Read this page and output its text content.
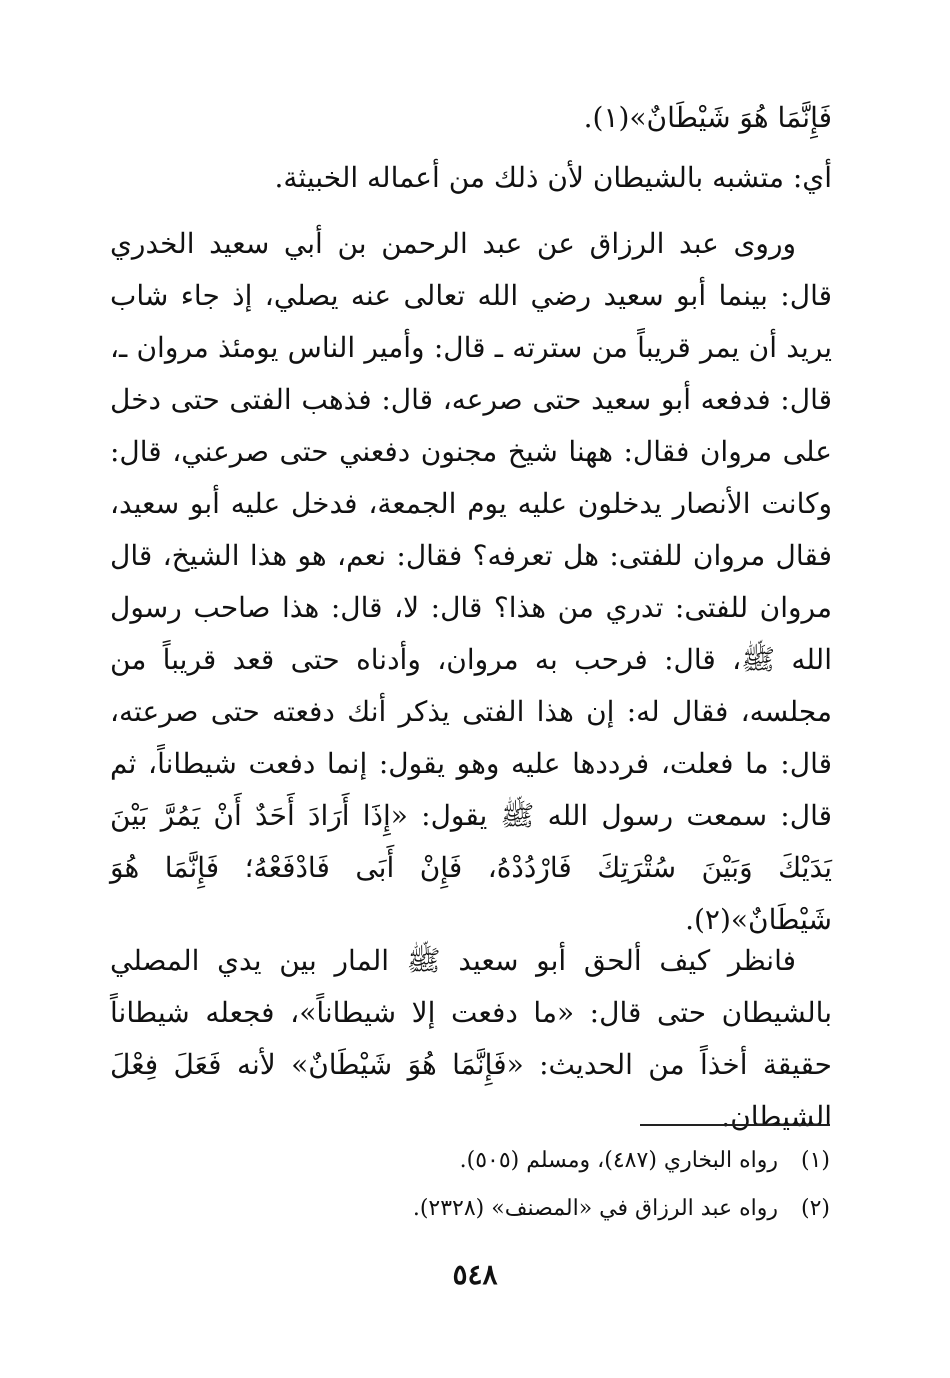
فَإِنَّمَا هُوَ شَيْطَانٌ»(١).

أي: متشبه بالشيطان لأن ذلك من أعماله الخبيثة.

وروى عبد الرزاق عن عبد الرحمن بن أبي سعيد الخدري قال: بينما أبو سعيد رضي الله تعالى عنه يصلي، إذ جاء شاب يريد أن يمر قريباً من سترته ـ قال: وأمير الناس يومئذ مروان ـ، قال: فدفعه أبو سعيد حتى صرعه، قال: فذهب الفتى حتى دخل على مروان فقال: ههنا شيخ مجنون دفعني حتى صرعني، قال: وكانت الأنصار يدخلون عليه يوم الجمعة، فدخل عليه أبو سعيد، فقال مروان للفتى: هل تعرفه؟ فقال: نعم، هو هذا الشيخ، قال مروان للفتى: تدري من هذا؟ قال: لا، قال: هذا صاحب رسول الله ﷺ، قال: فرحب به مروان، وأدناه حتى قعد قريباً من مجلسه، فقال له: إن هذا الفتى يذكر أنك دفعته حتى صرعته، قال: ما فعلت، فرددها عليه وهو يقول: إنما دفعت شيطاناً، ثم قال: سمعت رسول الله ﷺ يقول: «إِذَا أَرَادَ أَحَدٌ أَنْ يَمُرَّ بَيْنَ يَدَيْكَ وَبَيْنَ سُتْرَتِكَ فَارْدُدْهُ، فَإِنْ أَبَى فَادْفَعْهُ؛ فَإِنَّمَا هُوَ شَيْطَانٌ»(٢).

فانظر كيف ألحق أبو سعيد ﷺ المار بين يدي المصلي بالشيطان حتى قال: «ما دفعت إلا شيطاناً»، فجعله شيطاناً حقيقة أخذاً من الحديث: «فَإِنَّمَا هُوَ شَيْطَانٌ» لأنه فَعَلَ فِعْلَ الشيطان.

(١) رواه البخاري (٤٨٧)، ومسلم (٥٠٥).
(٢) رواه عبد الرزاق في «المصنف» (٢٣٢٨).
٥٤٨
